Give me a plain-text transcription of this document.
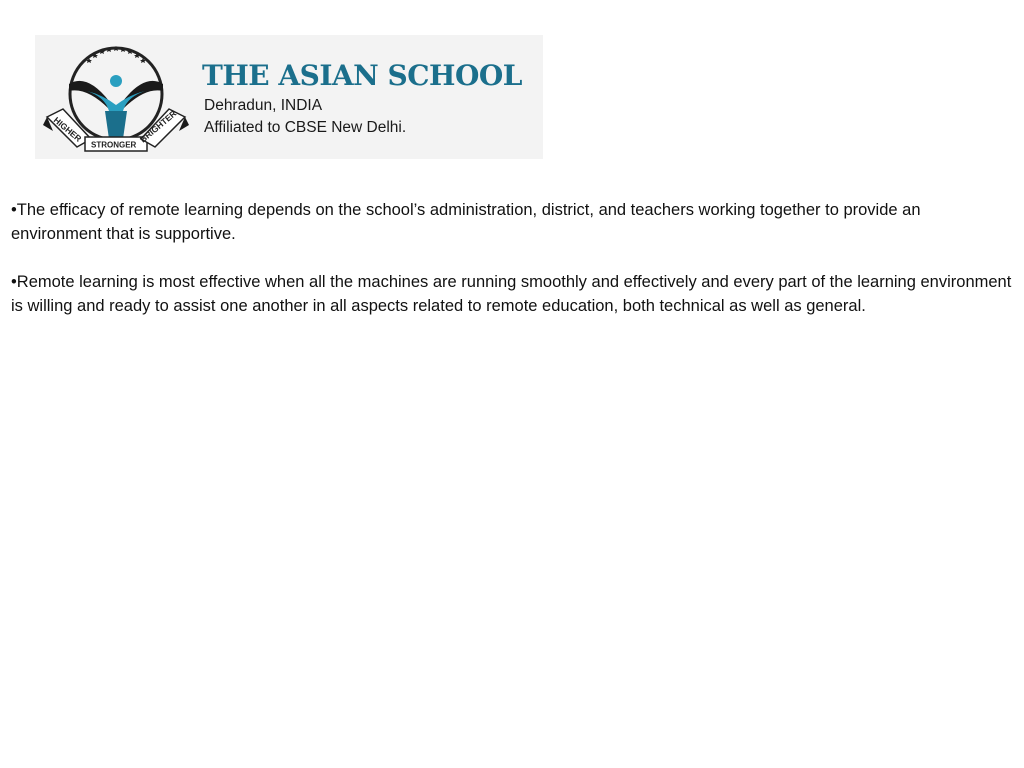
HIGHER
STRONGER
BRIGHTER
THE ASIAN SCHOOL
Dehradun, INDIA
Affiliated to CBSE New Delhi.

•The efficacy of remote learning depends on the school’s administration, district, and teachers working together to provide an environment that is supportive.

•Remote learning is most effective when all the machines are running smoothly and effectively and every part of the learning environment is willing and ready to assist one another in all aspects related to remote education, both technical as well as general.
